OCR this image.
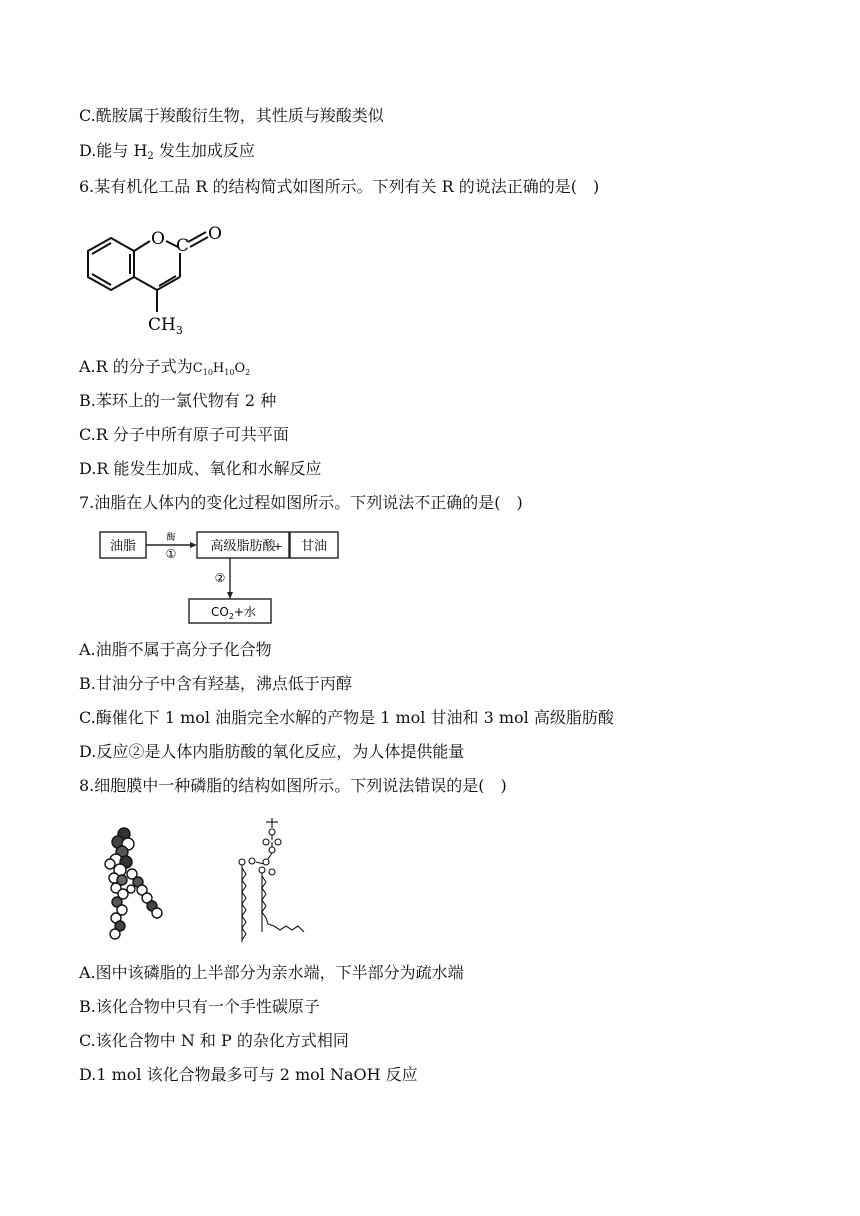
C.酰胺属于羧酸衍生物，其性质与羧酸类似
D.能与 $H_2$ 发生加成反应
6.某有机化工品 R 的结构简式如图所示。下列有关 R 的说法正确的是(　)
O C
O
$CH_3$
A.R 的分子式为$C_{10}H_{10}O_2$
B.苯环上的一氯代物有 2 种
C.R 分子中所有原子可共平面
D.R 能发生加成、氧化和水解反应
7.油脂在人体内的变化过程如图所示。下列说法不正确的是(　)
油脂
酶
①	高级脂肪酸
+ 甘油
②
$CO_2+$水
A.油脂不属于高分子化合物
B.甘油分子中含有羟基，沸点低于丙醇
C.酶催化下 1 mol 油脂完全水解的产物是 1 mol 甘油和 3 mol 高级脂肪酸
D.反应②是人体内脂肪酸的氧化反应，为人体提供能量
8.细胞膜中一种磷脂的结构如图所示。下列说法错误的是(　)
A.图中该磷脂的上半部分为亲水端，下半部分为疏水端
B.该化合物中只有一个手性碳原子
C.该化合物中 N 和 P 的杂化方式相同
D.1 mol 该化合物最多可与 2 mol NaOH 反应
